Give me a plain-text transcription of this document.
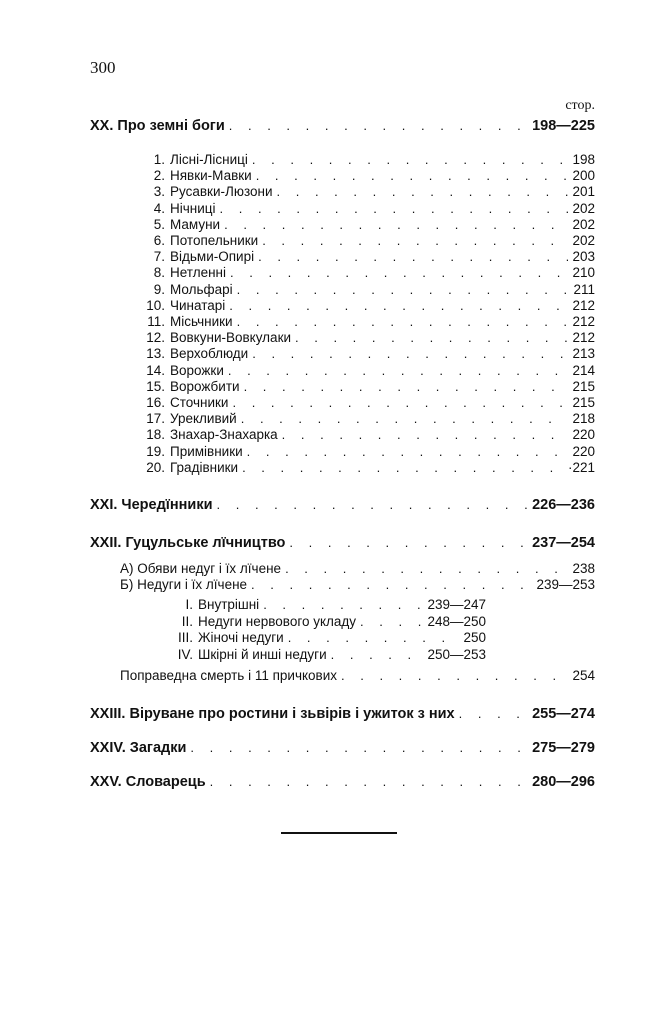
300
стор.
XX. Про земні боги . . .	198—225
1. Лісні-Лісниці . . .	198
2. Нявки-Мавки . . .	200
3. Русавки-Люзони . . .	201
4. Нічниці . . .	202
5. Мамуни . . .	202
6. Потопельники . . .	202
7. Відьми-Опирі . . .	203
8. Нетленні . . .	210
9. Мольфарі . . .	211
10. Чинатарі . . .	212
11. Місьчники . . .	212
12. Вовкуни-Вовкулаки . . .	212
13. Верхоблюди . . .	213
14. Ворожки . . .	214
15. Ворожбити . . .	215
16. Сточники . . .	215
17. Урекливий . . .	218
18. Знахар-Знахарка . . .	220
19. Примівники . . .	220
20. Градівники . . .	·221
XXI. Чередїнники . . .	226—236
XXII. Гуцульське лїчництво . . .	237—254
А) Обяви недуг і їх лїчене . . .	238
Б) Недуги і їх лїчене . . .	239—253
I. Внутрішні . . .	239—247
II. Недуги нервового укладу . . .	248—250
III. Жіночі недуги . . .	250
IV. Шкірні й инші недуги . . .	250—253
Поправедна смерть і 11 причкових . . .	254
XXIII. Віруване про ростини і зьвірів і ужиток з них . . .	255—274
XXIV. Загадки . . .	275—279
XXV. Словарець . . .	280—296
